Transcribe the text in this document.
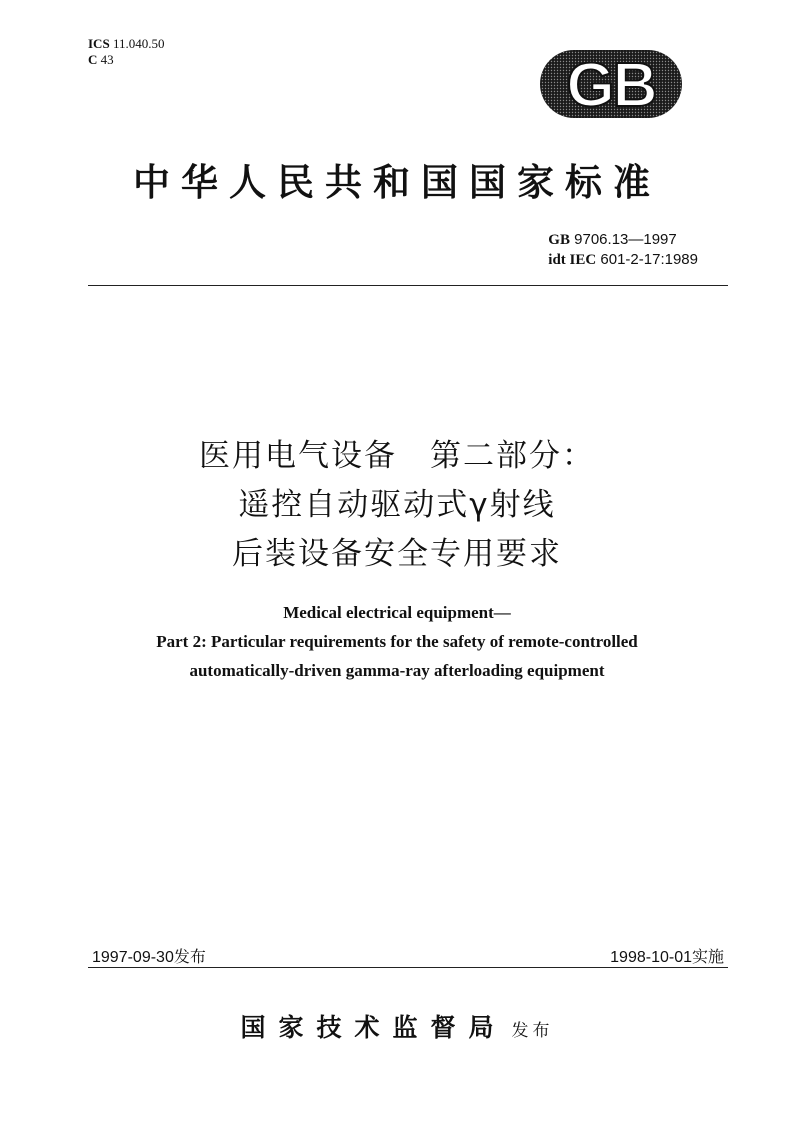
ICS 11.040.50
C 43	GB
中华人民共和国国家标准
GB 9706.13—1997
idt IEC 601-2-17:1989
医用电气设备　第二部分：
遥控自动驱动式γ射线
后装设备安全专用要求
Medical electrical equipment—
Part 2: Particular requirements for the safety of remote-controlled
automatically-driven gamma-ray afterloading equipment
1997-09-30发布	1998-10-01实施
国家技术监督局 发布
